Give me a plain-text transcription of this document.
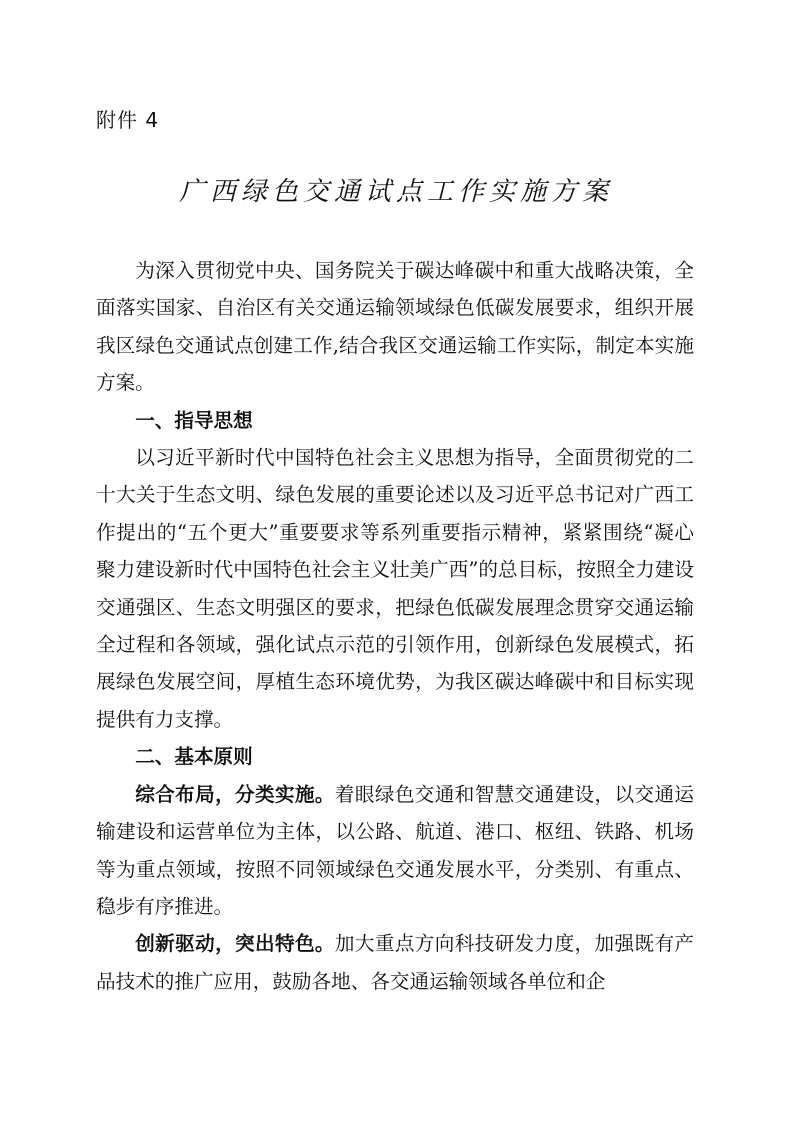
附件 4
广西绿色交通试点工作实施方案

为深入贯彻党中央、国务院关于碳达峰碳中和重大战略决策，全面落实国家、自治区有关交通运输领域绿色低碳发展要求，组织开展我区绿色交通试点创建工作,结合我区交通运输工作实际，制定本实施方案。

一、指导思想

以习近平新时代中国特色社会主义思想为指导，全面贯彻党的二十大关于生态文明、绿色发展的重要论述以及习近平总书记对广西工作提出的“五个更大”重要要求等系列重要指示精神，紧紧围绕“凝心聚力建设新时代中国特色社会主义壮美广西”的总目标，按照全力建设交通强区、生态文明强区的要求，把绿色低碳发展理念贯穿交通运输全过程和各领域，强化试点示范的引领作用，创新绿色发展模式，拓展绿色发展空间，厚植生态环境优势，为我区碳达峰碳中和目标实现提供有力支撑。

二、基本原则

综合布局，分类实施。着眼绿色交通和智慧交通建设，以交通运输建设和运营单位为主体，以公路、航道、港口、枢纽、铁路、机场等为重点领域，按照不同领域绿色交通发展水平，分类别、有重点、稳步有序推进。

创新驱动，突出特色。加大重点方向科技研发力度，加强既有产品技术的推广应用，鼓励各地、各交通运输领域各单位和企
